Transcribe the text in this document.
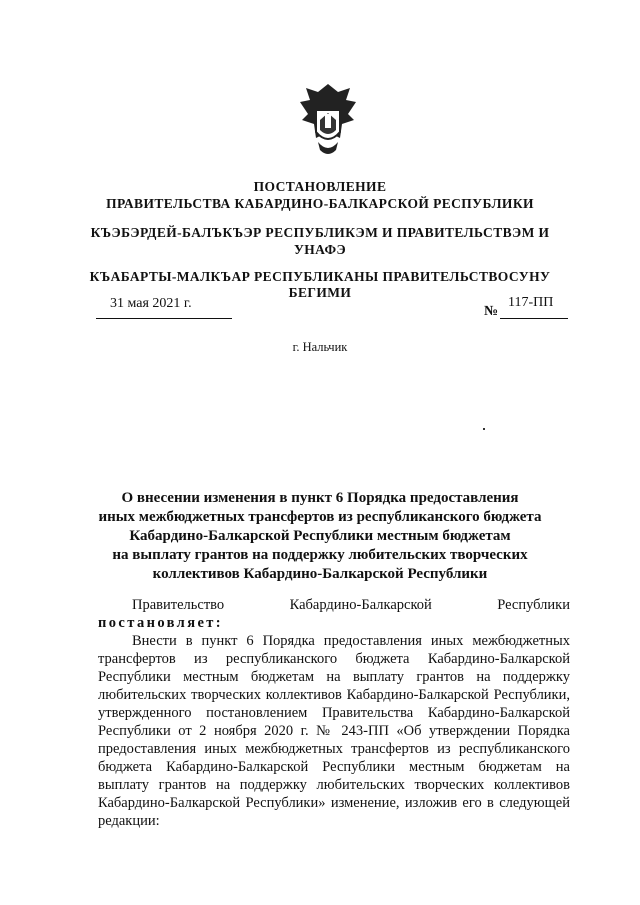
ПОСТАНОВЛЕНИЕ
ПРАВИТЕЛЬСТВА КАБАРДИНО-БАЛКАРСКОЙ РЕСПУБЛИКИ
КЪЭБЭРДЕЙ-БАЛЪКЪЭР РЕСПУБЛИКЭМ И ПРАВИТЕЛЬСТВЭМ И
УНАФЭ
КЪАБАРТЫ-МАЛКЪАР РЕСПУБЛИКАНЫ ПРАВИТЕЛЬСТВОСУНУ
БЕГИМИ
31 мая 2021 г.
№
117-ПП
г. Нальчик
О внесении изменения в пункт 6 Порядка предоставления
иных межбюджетных трансфертов из республиканского бюджета
Кабардино-Балкарской Республики местным бюджетам
на выплату грантов на поддержку любительских творческих
коллективов Кабардино-Балкарской Республики

Правительство Кабардино-Балкарской Республики

постановляет:

Внести в пункт 6 Порядка предоставления иных межбюджетных трансфертов из республиканского бюджета Кабардино-Балкарской Республики местным бюджетам на выплату грантов на поддержку любительских творческих коллективов Кабардино-Балкарской Республики, утвержденного постановлением Правительства Кабардино-Балкарской Республики от 2 ноября 2020 г. № 243-ПП «Об утверждении Порядка предоставления иных межбюджетных трансфертов из республиканского бюджета Кабардино-Балкарской Республики местным бюджетам на выплату грантов на поддержку любительских творческих коллективов Кабардино-Балкарской Республики» изменение, изложив его в следующей редакции:
